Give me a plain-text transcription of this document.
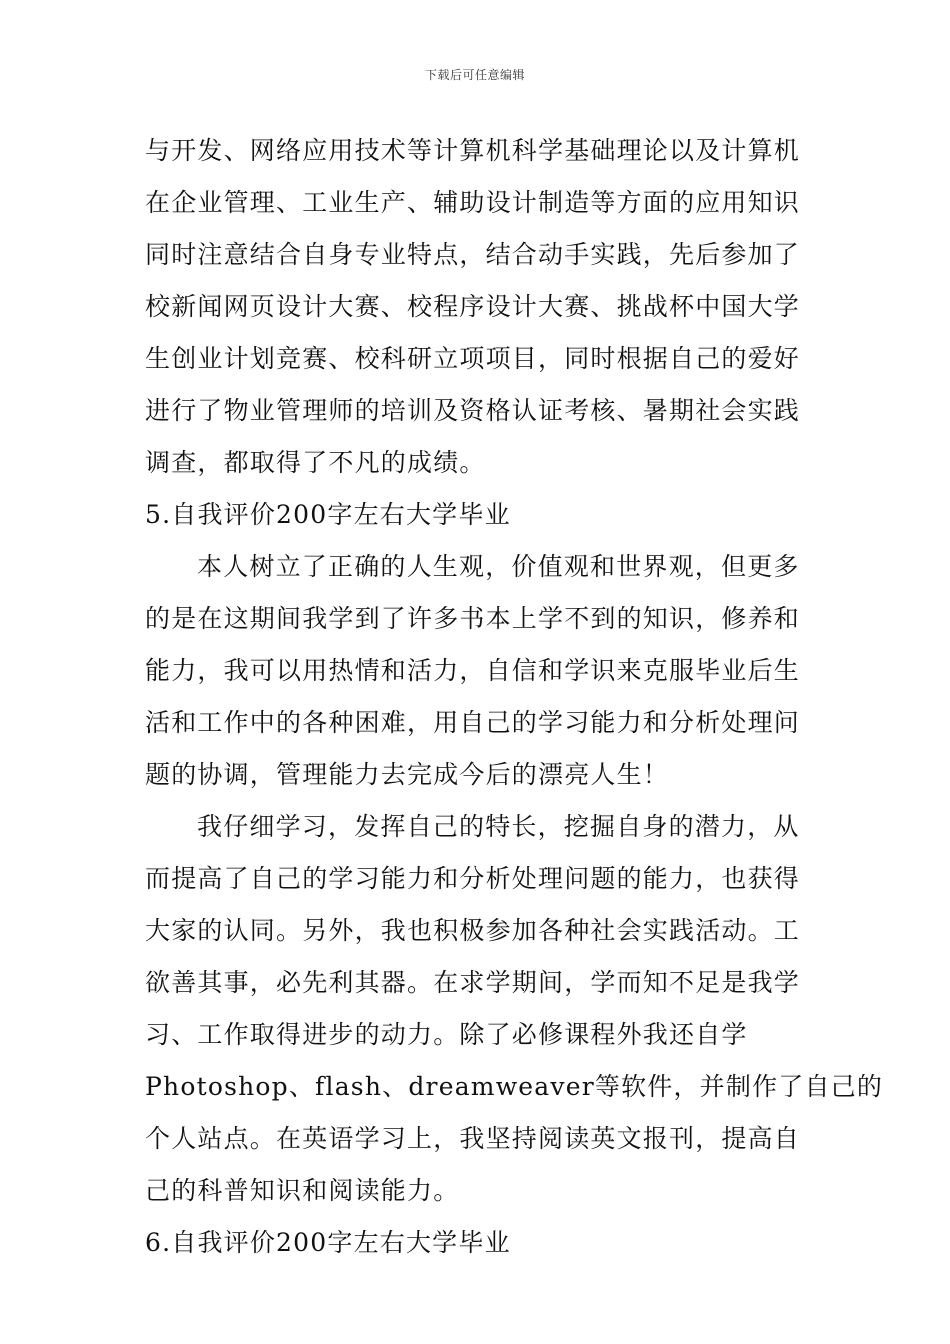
下载后可任意编辑
与开发、网络应用技术等计算机科学基础理论以及计算机
在企业管理、工业生产、辅助设计制造等方面的应用知识
同时注意结合自身专业特点，结合动手实践，先后参加了
校新闻网页设计大赛、校程序设计大赛、挑战杯中国大学
生创业计划竞赛、校科研立项项目，同时根据自己的爱好
进行了物业管理师的培训及资格认证考核、暑期社会实践
调查，都取得了不凡的成绩。
5.自我评价200字左右大学毕业
本人树立了正确的人生观，价值观和世界观，但更多
的是在这期间我学到了许多书本上学不到的知识，修养和
能力，我可以用热情和活力，自信和学识来克服毕业后生
活和工作中的各种困难，用自己的学习能力和分析处理问
题的协调，管理能力去完成今后的漂亮人生！
我仔细学习，发挥自己的特长，挖掘自身的潜力，从
而提高了自己的学习能力和分析处理问题的能力，也获得
大家的认同。另外，我也积极参加各种社会实践活动。工
欲善其事，必先利其器。在求学期间，学而知不足是我学
习、工作取得进步的动力。除了必修课程外我还自学
Photoshop、flash、dreamweaver等软件，并制作了自己的
个人站点。在英语学习上，我坚持阅读英文报刊，提高自
己的科普知识和阅读能力。
6.自我评价200字左右大学毕业
